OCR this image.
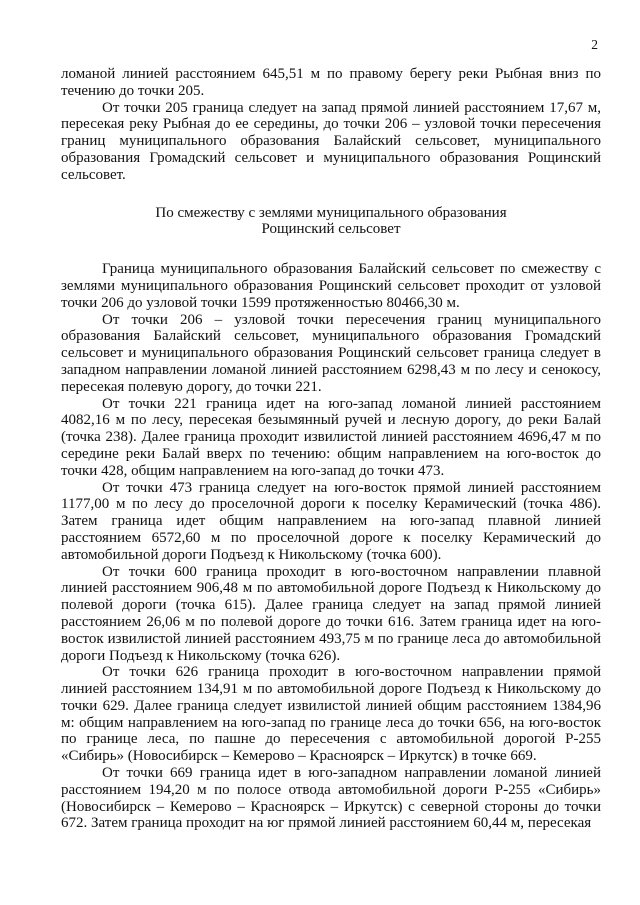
2

ломаной линией расстоянием 645,51 м по правому берегу реки Рыбная вниз по течению до точки 205.

От точки 205 граница следует на запад прямой линией расстоянием 17,67 м, пересекая реку Рыбная до ее середины, до точки 206 – узловой точки пересечения границ муниципального образования Балайский сельсовет, муниципального образования Громадский сельсовет и муниципального образования Рощинский сельсовет.

По смежеству с землями муниципального образования
Рощинский сельсовет

Граница муниципального образования Балайский сельсовет по смежеству с землями муниципального образования Рощинский сельсовет проходит от узловой точки 206 до узловой точки 1599 протяженностью 80466,30 м.

От точки 206 – узловой точки пересечения границ муниципального образования Балайский сельсовет, муниципального образования Громадский сельсовет и муниципального образования Рощинский сельсовет граница следует в западном направлении ломаной линией расстоянием 6298,43 м по лесу и сенокосу, пересекая полевую дорогу, до точки 221.

От точки 221 граница идет на юго-запад ломаной линией расстоянием 4082,16 м по лесу, пересекая безымянный ручей и лесную дорогу, до реки Балай (точка 238). Далее граница проходит извилистой линией расстоянием 4696,47 м по середине реки Балай вверх по течению: общим направлением на юго-восток до точки 428, общим направлением на юго-запад до точки 473.

От точки 473 граница следует на юго-восток прямой линией расстоянием 1177,00 м по лесу до проселочной дороги к поселку Керамический (точка 486). Затем граница идет общим направлением на юго-запад плавной линией расстоянием 6572,60 м по проселочной дороге к поселку Керамический до автомобильной дороги Подъезд к Никольскому (точка 600).

От точки 600 граница проходит в юго-восточном направлении плавной линией расстоянием 906,48 м по автомобильной дороге Подъезд к Никольскому до полевой дороги (точка 615). Далее граница следует на запад прямой линией расстоянием 26,06 м по полевой дороге до точки 616. Затем граница идет на юго-восток извилистой линией расстоянием 493,75 м по границе леса до автомобильной дороги Подъезд к Никольскому (точка 626).

От точки 626 граница проходит в юго-восточном направлении прямой линией расстоянием 134,91 м по автомобильной дороге Подъезд к Никольскому до точки 629. Далее граница следует извилистой линией общим расстоянием 1384,96 м: общим направлением на юго-запад по границе леса до точки 656, на юго-восток по границе леса, по пашне до пересечения с автомобильной дорогой Р-255 «Сибирь» (Новосибирск – Кемерово – Красноярск – Иркутск) в точке 669.

От точки 669 граница идет в юго-западном направлении ломаной линией расстоянием 194,20 м по полосе отвода автомобильной дороги Р-255 «Сибирь» (Новосибирск – Кемерово – Красноярск – Иркутск) с северной стороны до точки 672. Затем граница проходит на юг прямой линией расстоянием 60,44 м, пересекая
